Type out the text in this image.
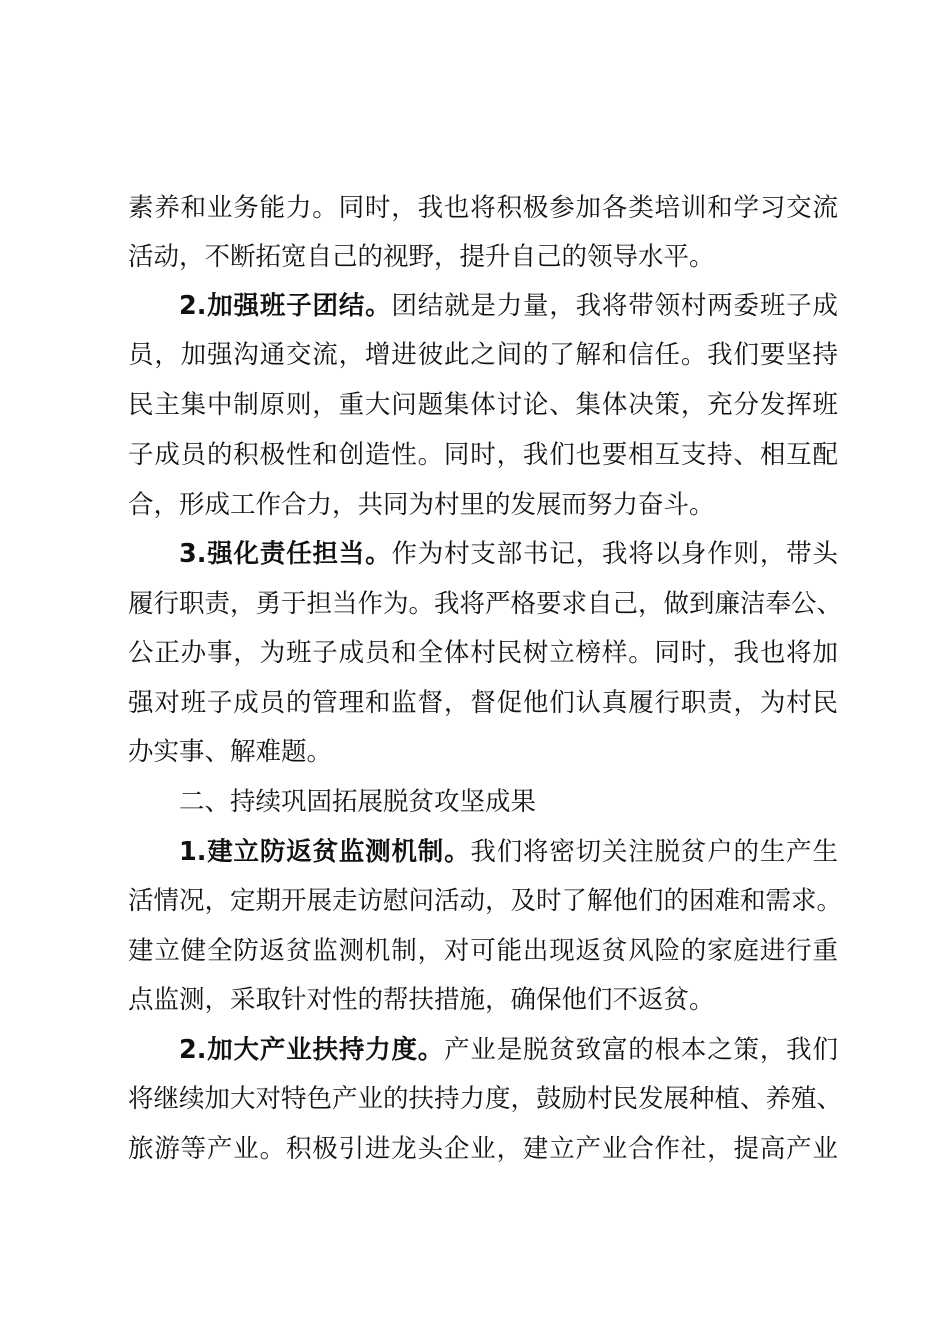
素养和业务能力。同时，我也将积极参加各类培训和学习交流
活动，不断拓宽自己的视野，提升自己的领导水平。
2.加强班子团结。团结就是力量，我将带领村两委班子成
员，加强沟通交流，增进彼此之间的了解和信任。我们要坚持
民主集中制原则，重大问题集体讨论、集体决策，充分发挥班
子成员的积极性和创造性。同时，我们也要相互支持、相互配
合，形成工作合力，共同为村里的发展而努力奋斗。
3.强化责任担当。作为村支部书记，我将以身作则，带头
履行职责，勇于担当作为。我将严格要求自己，做到廉洁奉公、
公正办事，为班子成员和全体村民树立榜样。同时，我也将加
强对班子成员的管理和监督，督促他们认真履行职责，为村民
办实事、解难题。
二、持续巩固拓展脱贫攻坚成果
1.建立防返贫监测机制。我们将密切关注脱贫户的生产生
活情况，定期开展走访慰问活动，及时了解他们的困难和需求。
建立健全防返贫监测机制，对可能出现返贫风险的家庭进行重
点监测，采取针对性的帮扶措施，确保他们不返贫。
2.加大产业扶持力度。产业是脱贫致富的根本之策，我们
将继续加大对特色产业的扶持力度，鼓励村民发展种植、养殖、
旅游等产业。积极引进龙头企业，建立产业合作社，提高产业
